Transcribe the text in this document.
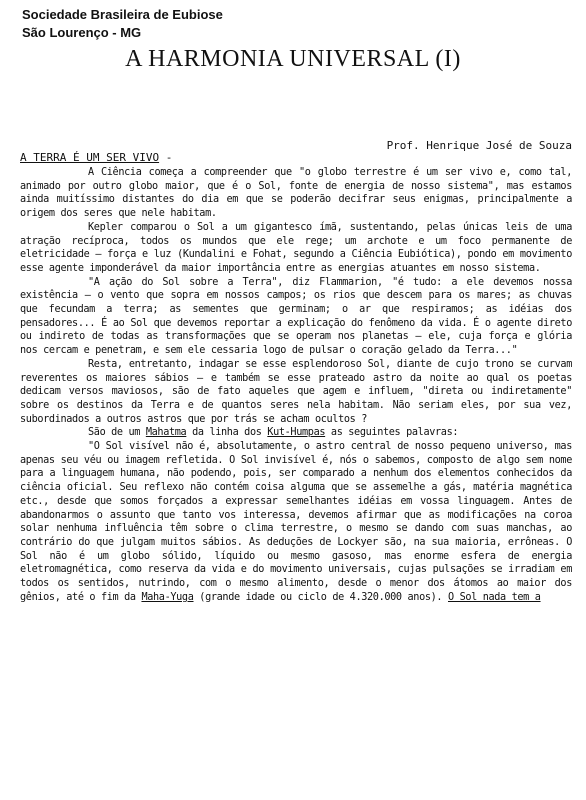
Sociedade Brasileira de Eubiose
São Lourenço - MG
A HARMONIA UNIVERSAL (I)
Prof. Henrique José de Souza
A TERRA É UM SER VIVO -

A Ciência começa a compreender que "o globo terrestre é um ser vivo e, como tal, animado por outro globo maior, que é o Sol, fonte de energia de nosso sistema", mas estamos ainda muitíssimo distantes do dia em que se poderão decifrar seus enigmas, principalmente a origem dos seres que nele habitam.

Kepler comparou o Sol a um gigantesco ímã, sustentando, pelas únicas leis de uma atração recíproca, todos os mundos que ele rege; um archote e um foco permanente de eletricidade — força e luz (Kundalini e Fohat, segundo a Ciência Eubiótica), pondo em movimento esse agente imponderável da maior importância entre as energias atuantes em nosso sistema.

"A ação do Sol sobre a Terra", diz Flammarion, "é tudo: a ele devemos nossa existência — o vento que sopra em nossos campos; os rios que descem para os mares; as chuvas que fecundam a terra; as sementes que germinam; o ar que respiramos; as idéias dos pensadores... É ao Sol que devemos reportar a explicação do fenômeno da vida. É o agente direto ou indireto de todas as transformações que se operam nos planetas — ele, cuja força e glória nos cercam e penetram, e sem ele cessaria logo de pulsar o coração gelado da Terra..."

Resta, entretanto, indagar se esse esplendoroso Sol, diante de cujo trono se curvam reverentes os maiores sábios — e também se esse prateado astro da noite ao qual os poetas dedicam versos maviosos, são de fato aqueles que agem e influem, "direta ou indiretamente" sobre os destinos da Terra e de quantos seres nela habitam. Não seriam eles, por sua vez, subordinados a outros astros que por trás se acham ocultos ?

São de um Mahatma da linha dos Kut-Humpas as seguintes palavras:

"O Sol visível não é, absolutamente, o astro central de nosso pequeno universo, mas apenas seu véu ou imagem refletida. O Sol invisível é, nós o sabemos, composto de algo sem nome para a linguagem humana, não podendo, pois, ser comparado a nenhum dos elementos conhecidos da ciência oficial. Seu reflexo não contém coisa alguma que se assemelhe a gás, matéria magnética etc., desde que somos forçados a expressar semelhantes idéias em vossa linguagem. Antes de abandonarmos o assunto que tanto vos interessa, devemos afirmar que as modificações na coroa solar nenhuma influência têm sobre o clima terrestre, o mesmo se dando com suas manchas, ao contrário do que julgam muitos sábios. As deduções de Lockyer são, na sua maioria, errôneas. O Sol não é um globo sólido, líquido ou mesmo gasoso, mas enorme esfera de energia eletromagnética, como reserva da vida e do movimento universais, cujas pulsações se irradiam em todos os sentidos, nutrindo, com o mesmo alimento, desde o menor dos átomos ao maior dos gênios, até o fim da Maha-Yuga (grande idade ou ciclo de 4.320.000 anos). O Sol nada tem a
